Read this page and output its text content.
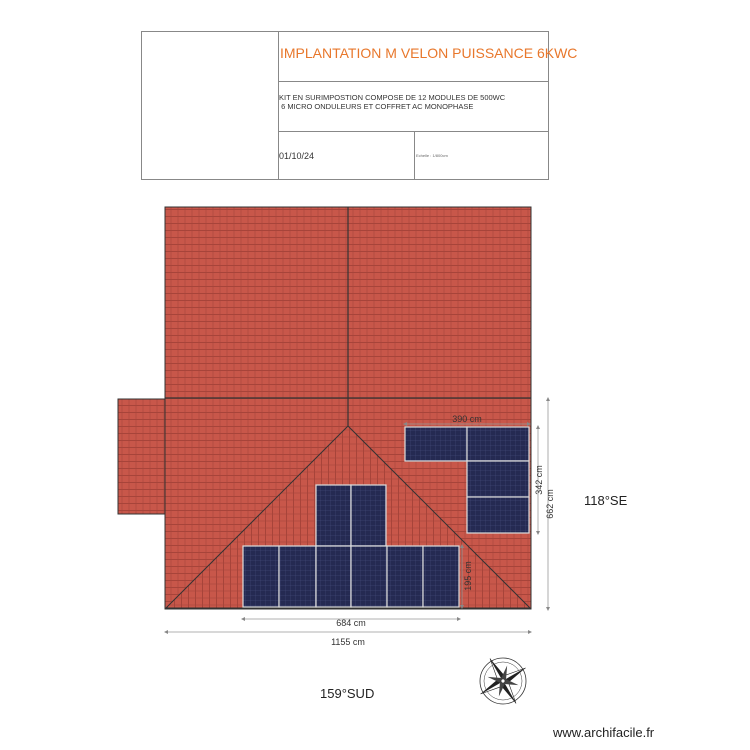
IMPLANTATION M VELON PUISSANCE 6KWC
KIT EN SURIMPOSTION COMPOSE DE 12 MODULES DE 500WC
6 MICRO ONDULEURS ET COFFRET AC MONOPHASE
01/10/24	Echelle : 1/800cm
390 cm
342 cm
662 cm
195 cm
684 cm
1155 cm
118°SE
159°SUD
www.archifacile.fr
